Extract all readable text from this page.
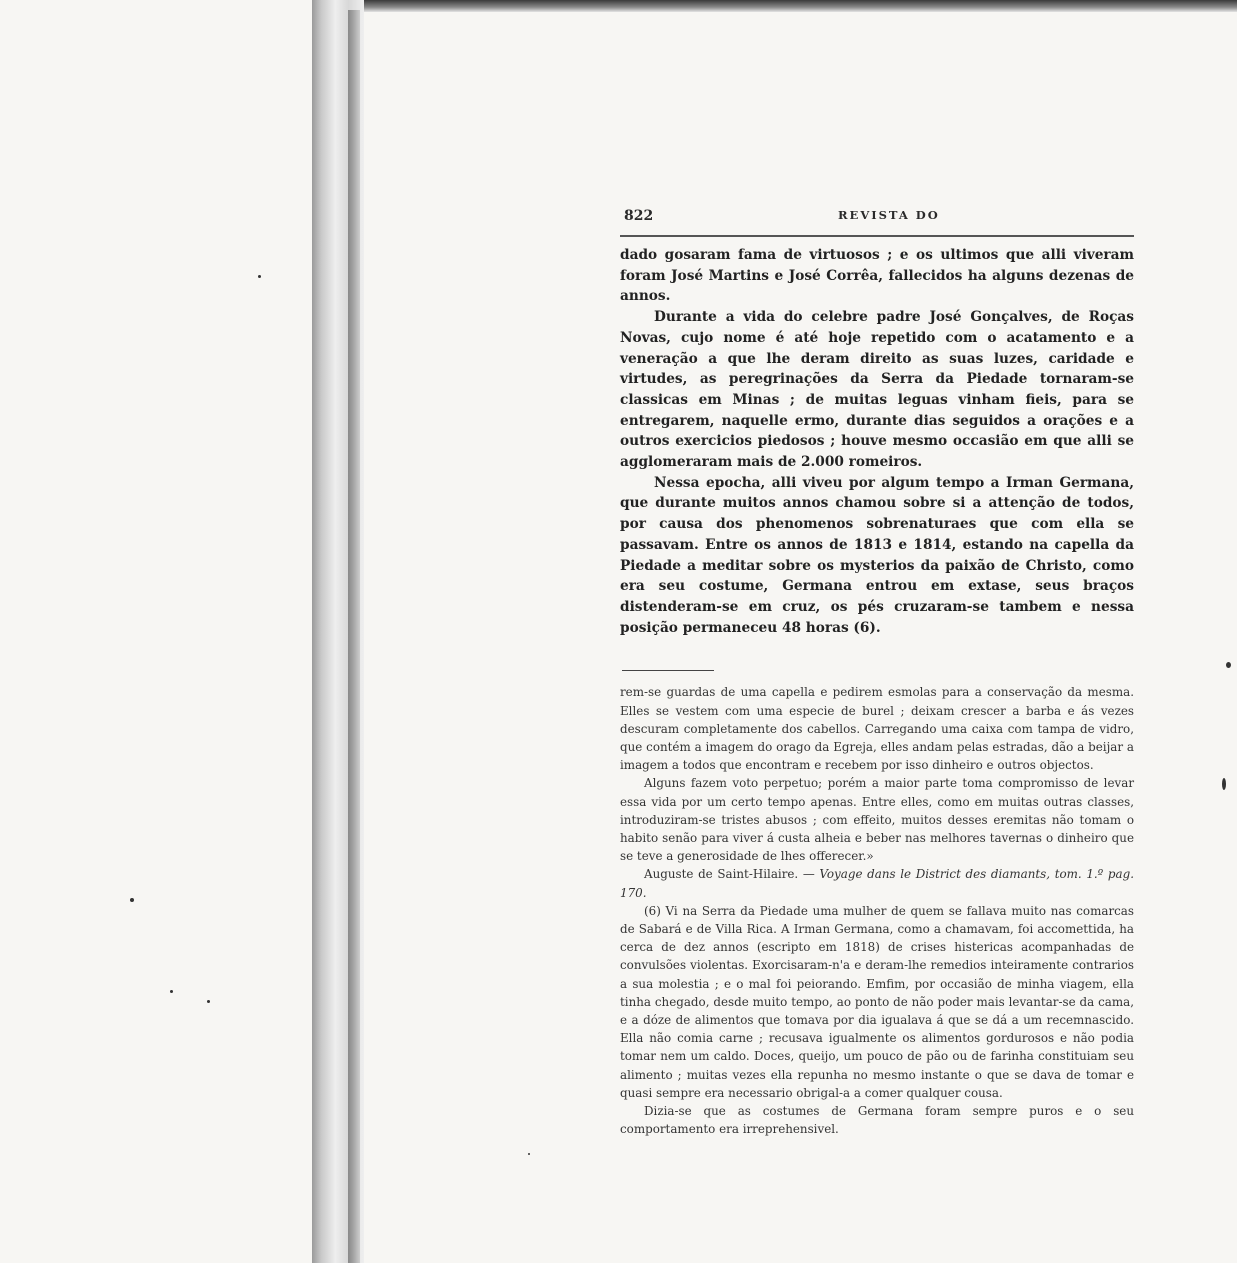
822	REVISTA DO

dado gosaram fama de virtuosos ; e os ultimos que alli viveram foram José Martins e José Corrêa, fallecidos ha alguns dezenas de annos.

Durante a vida do celebre padre José Gonçalves, de Roças Novas, cujo nome é até hoje repetido com o acatamento e a veneração a que lhe deram direito as suas luzes, caridade e virtudes, as peregrinações da Serra da Piedade tornaram-se classicas em Minas ; de muitas leguas vinham fieis, para se entregarem, naquelle ermo, durante dias seguidos a orações e a outros exercicios piedosos ; houve mesmo occasião em que alli se agglomeraram mais de 2.000 romeiros.

Nessa epocha, alli viveu por algum tempo a Irman Germana, que durante muitos annos chamou sobre si a attenção de todos, por causa dos phenomenos sobrenaturaes que com ella se passavam. Entre os annos de 1813 e 1814, estando na capella da Piedade a meditar sobre os mysterios da paixão de Christo, como era seu costume, Germana entrou em extase, seus braços distenderam-se em cruz, os pés cruzaram-se tambem e nessa posição permaneceu 48 horas (6).

rem-se guardas de uma capella e pedirem esmolas para a conservação da mesma. Elles se vestem com uma especie de burel ; deixam crescer a barba e ás vezes descuram completamente dos cabellos. Carregando uma caixa com tampa de vidro, que contém a imagem do orago da Egreja, elles andam pelas estradas, dão a beijar a imagem a todos que encontram e recebem por isso dinheiro e outros objectos.

Alguns fazem voto perpetuo; porém a maior parte toma compromisso de levar essa vida por um certo tempo apenas. Entre elles, como em muitas outras classes, introduziram-se tristes abusos ; com effeito, muitos desses eremitas não tomam o habito senão para viver á custa alheia e beber nas melhores tavernas o dinheiro que se teve a generosidade de lhes offerecer.»

Auguste de Saint-Hilaire. — Voyage dans le District des diamants, tom. 1.º pag. 170.

(6) Vi na Serra da Piedade uma mulher de quem se fallava muito nas comarcas de Sabará e de Villa Rica. A Irman Germana, como a chamavam, foi accomettida, ha cerca de dez annos (escripto em 1818) de crises histericas acompanhadas de convulsões violentas. Exorcisaram-n'a e deram-lhe remedios inteiramente contrarios a sua molestia ; e o mal foi peiorando. Emfim, por occasião de minha viagem, ella tinha chegado, desde muito tempo, ao ponto de não poder mais levantar-se da cama, e a dóze de alimentos que tomava por dia igualava á que se dá a um recemnascido. Ella não comia carne ; recusava igualmente os alimentos gordurosos e não podia tomar nem um caldo. Doces, queijo, um pouco de pão ou de farinha constituiam seu alimento ; muitas vezes ella repunha no mesmo instante o que se dava de tomar e quasi sempre era necessario obrigal-a a comer qualquer cousa.

Dizia-se que as costumes de Germana foram sempre puros e o seu comportamento era irreprehensivel.
